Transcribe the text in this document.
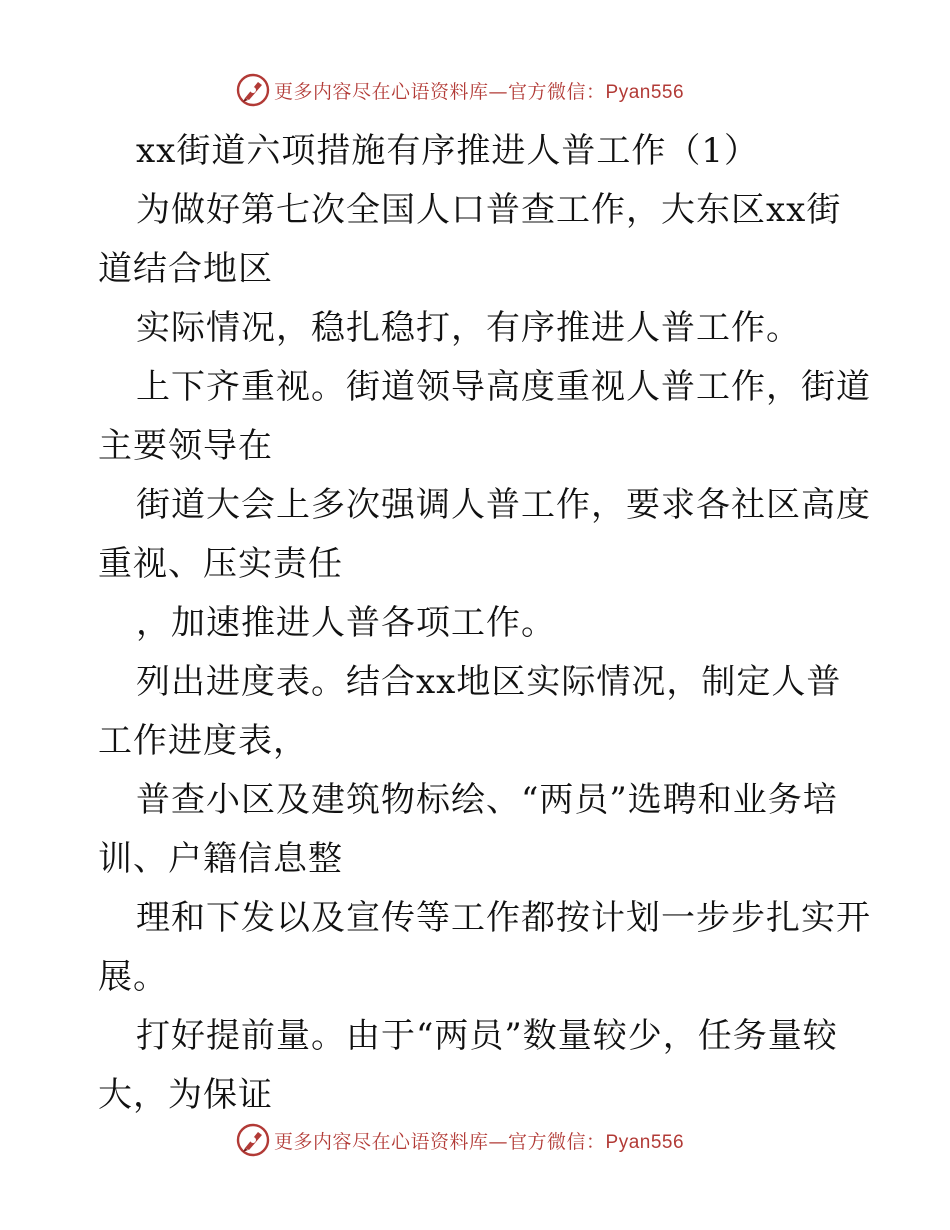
更多内容尽在心语资料库—官方微信：Pyan556
xx街道六项措施有序推进人普工作（1）
为做好第七次全国人口普查工作，大东区xx街
道结合地区
实际情况，稳扎稳打，有序推进人普工作。
上下齐重视。街道领导高度重视人普工作，街道
主要领导在
街道大会上多次强调人普工作，要求各社区高度
重视、压实责任
，加速推进人普各项工作。
列出进度表。结合xx地区实际情况，制定人普
工作进度表，
普查小区及建筑物标绘、“两员”选聘和业务培
训、户籍信息整
理和下发以及宣传等工作都按计划一步步扎实开
展。
打好提前量。由于“两员”数量较少，任务量较
大，为保证
更多内容尽在心语资料库—官方微信：Pyan556
